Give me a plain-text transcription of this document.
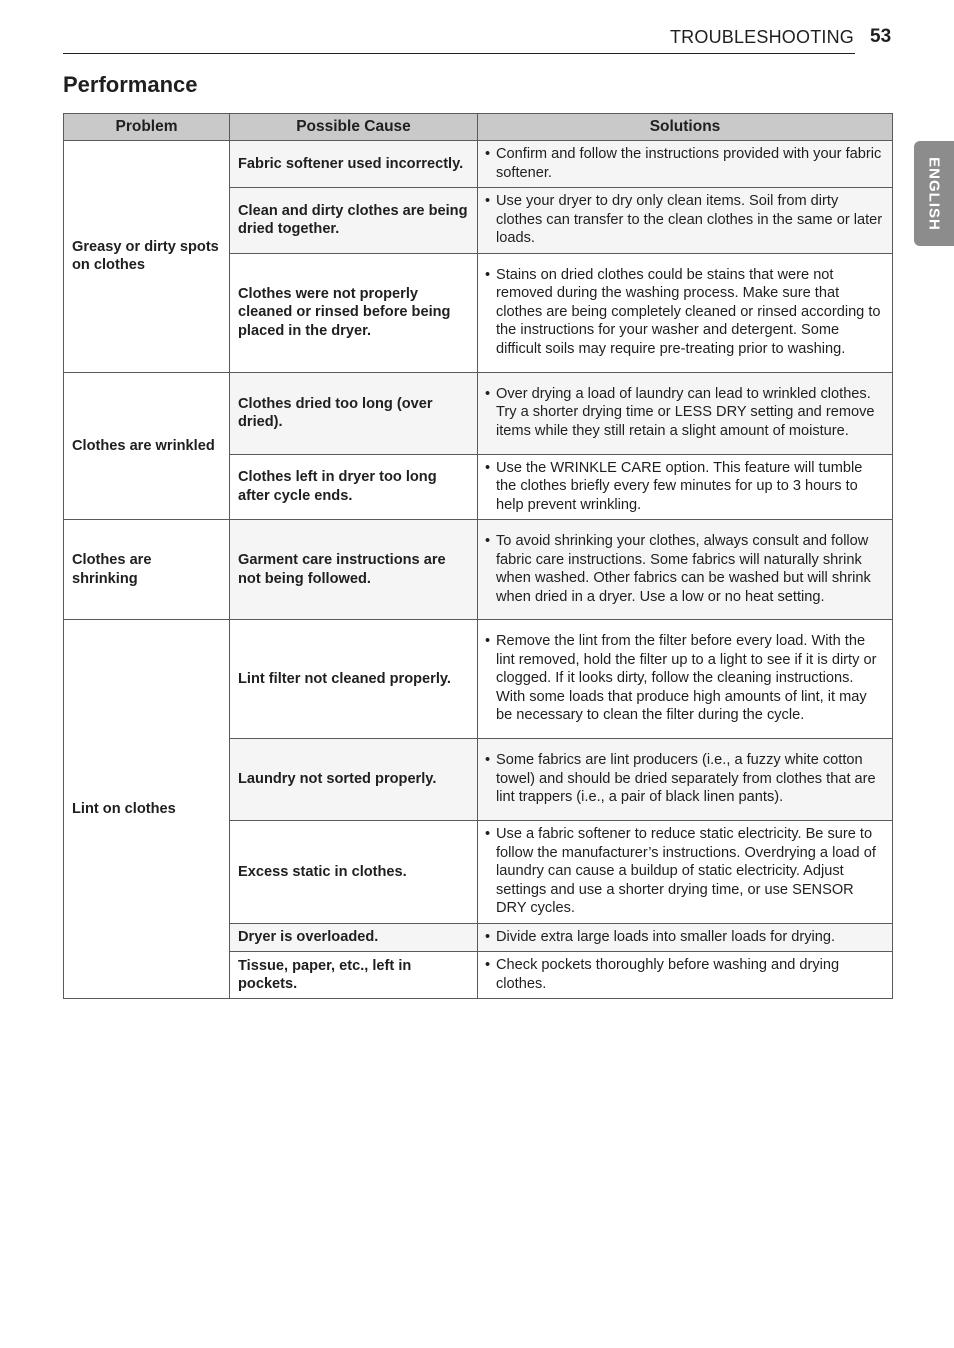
TROUBLESHOOTING 53
ENGLISH
Performance
Problem	Possible Cause	Solutions
Greasy or dirty spots on clothes	Fabric softener used incorrectly.	• Confirm and follow the instructions provided with your fabric softener.

	Clean and dirty clothes are being dried together.	• Use your dryer to dry only clean items. Soil from dirty clothes can transfer to the clean clothes in the same or later loads.

	Clothes were not properly cleaned or rinsed before being placed in the dryer.	• Stains on dried clothes could be stains that were not removed during the washing process. Make sure that clothes are being completely cleaned or rinsed according to the instructions for your washer and detergent. Some difficult soils may require pre-treating prior to washing.

Clothes are wrinkled	Clothes dried too long (over dried).	• Over drying a load of laundry can lead to wrinkled clothes. Try a shorter drying time or LESS DRY setting and remove items while they still retain a slight amount of moisture.

	Clothes left in dryer too long after cycle ends.	• Use the WRINKLE CARE option. This feature will tumble the clothes briefly every few minutes for up to 3 hours to help prevent wrinkling.

Clothes are shrinking	Garment care instructions are not being followed.	• To avoid shrinking your clothes, always consult and follow fabric care instructions. Some fabrics will naturally shrink when washed. Other fabrics can be washed but will shrink when dried in a dryer. Use a low or no heat setting.

Lint on clothes	Lint filter not cleaned properly.	• Remove the lint from the filter before every load. With the lint removed, hold the filter up to a light to see if it is dirty or clogged. If it looks dirty, follow the cleaning instructions. With some loads that produce high amounts of lint, it may be necessary to clean the filter during the cycle.

	Laundry not sorted properly.	• Some fabrics are lint producers (i.e., a fuzzy white cotton towel) and should be dried separately from clothes that are lint trappers (i.e., a pair of black linen pants).

	Excess static in clothes.	• Use a fabric softener to reduce static electricity. Be sure to follow the manufacturer’s instructions. Overdrying a load of laundry can cause a buildup of static electricity. Adjust settings and use a shorter drying time, or use SENSOR DRY cycles.

	Dryer is overloaded.	• Divide extra large loads into smaller loads for drying.

	Tissue, paper, etc., left in pockets.	• Check pockets thoroughly before washing and drying clothes.
